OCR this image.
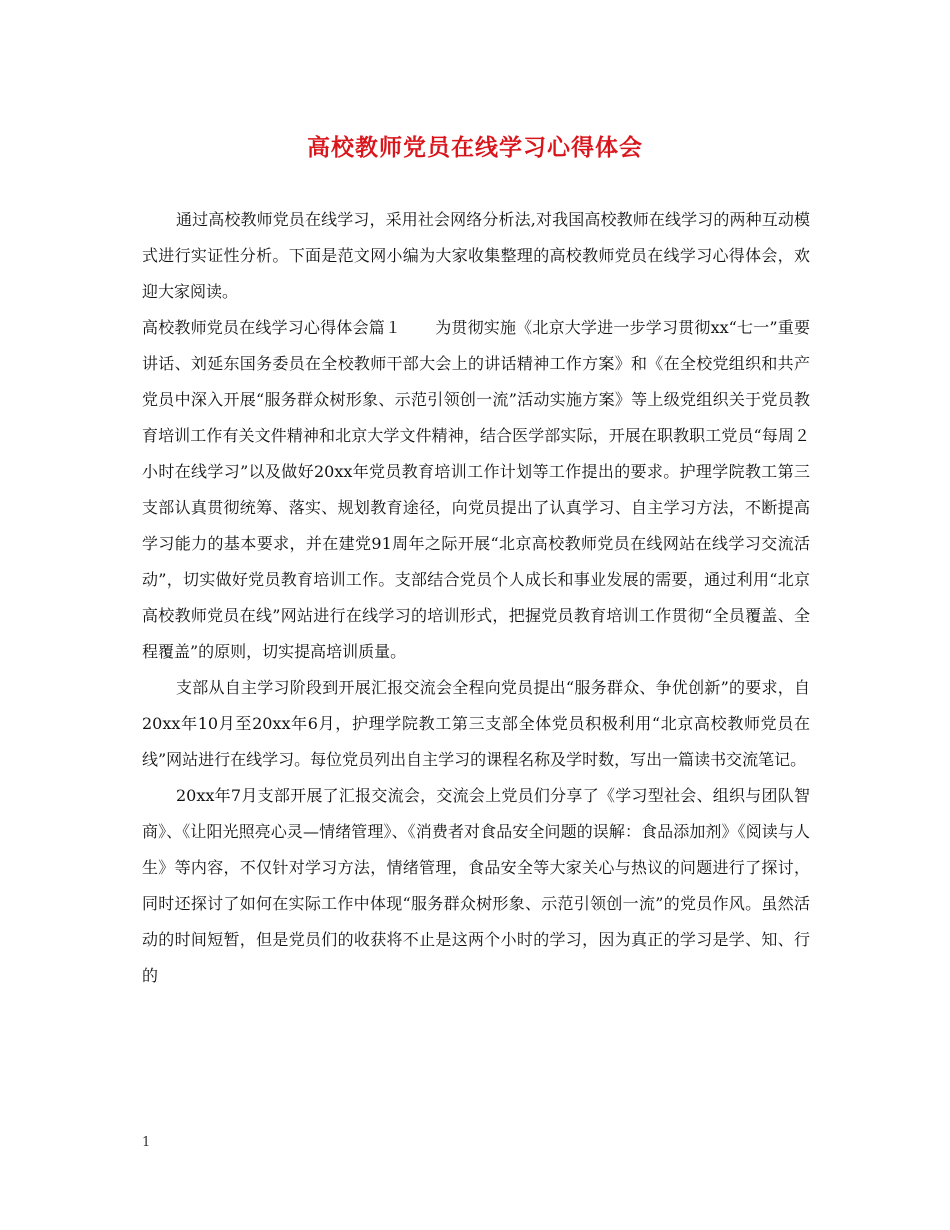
高校教师党员在线学习心得体会

通过高校教师党员在线学习，采用社会网络分析法,对我国高校教师在线学习的两种互动模式进行实证性分析。下面是范文网小编为大家收集整理的高校教师党员在线学习心得体会，欢迎大家阅读。

高校教师党员在线学习心得体会篇１ 为贯彻实施《北京大学进一步学习贯彻xx“七一”重要讲话、刘延东国务委员在全校教师干部大会上的讲话精神工作方案》和《在全校党组织和共产党员中深入开展“服务群众树形象、示范引领创一流”活动实施方案》等上级党组织关于党员教育培训工作有关文件精神和北京大学文件精神，结合医学部实际，开展在职教职工党员“每周２小时在线学习”以及做好20xx年党员教育培训工作计划等工作提出的要求。护理学院教工第三支部认真贯彻统筹、落实、规划教育途径，向党员提出了认真学习、自主学习方法，不断提高学习能力的基本要求，并在建党91周年之际开展“北京高校教师党员在线网站在线学习交流活动”，切实做好党员教育培训工作。支部结合党员个人成长和事业发展的需要，通过利用“北京高校教师党员在线”网站进行在线学习的培训形式，把握党员教育培训工作贯彻“全员覆盖、全程覆盖”的原则，切实提高培训质量。

支部从自主学习阶段到开展汇报交流会全程向党员提出“服务群众、争优创新”的要求，自 20xx年10月至20xx年6月，护理学院教工第三支部全体党员积极利用“北京高校教师党员在线”网站进行在线学习。每位党员列出自主学习的课程名称及学时数，写出一篇读书交流笔记。

20xx年7月支部开展了汇报交流会，交流会上党员们分享了《学习型社会、组织与团队智商》、《让阳光照亮心灵—情绪管理》、《消费者对食品安全问题的误解：食品添加剂》《阅读与人生》等内容，不仅针对学习方法，情绪管理，食品安全等大家关心与热议的问题进行了探讨，同时还探讨了如何在实际工作中体现“服务群众树形象、示范引领创一流”的党员作风。虽然活动的时间短暂，但是党员们的收获将不止是这两个小时的学习，因为真正的学习是学、知、行的

1
